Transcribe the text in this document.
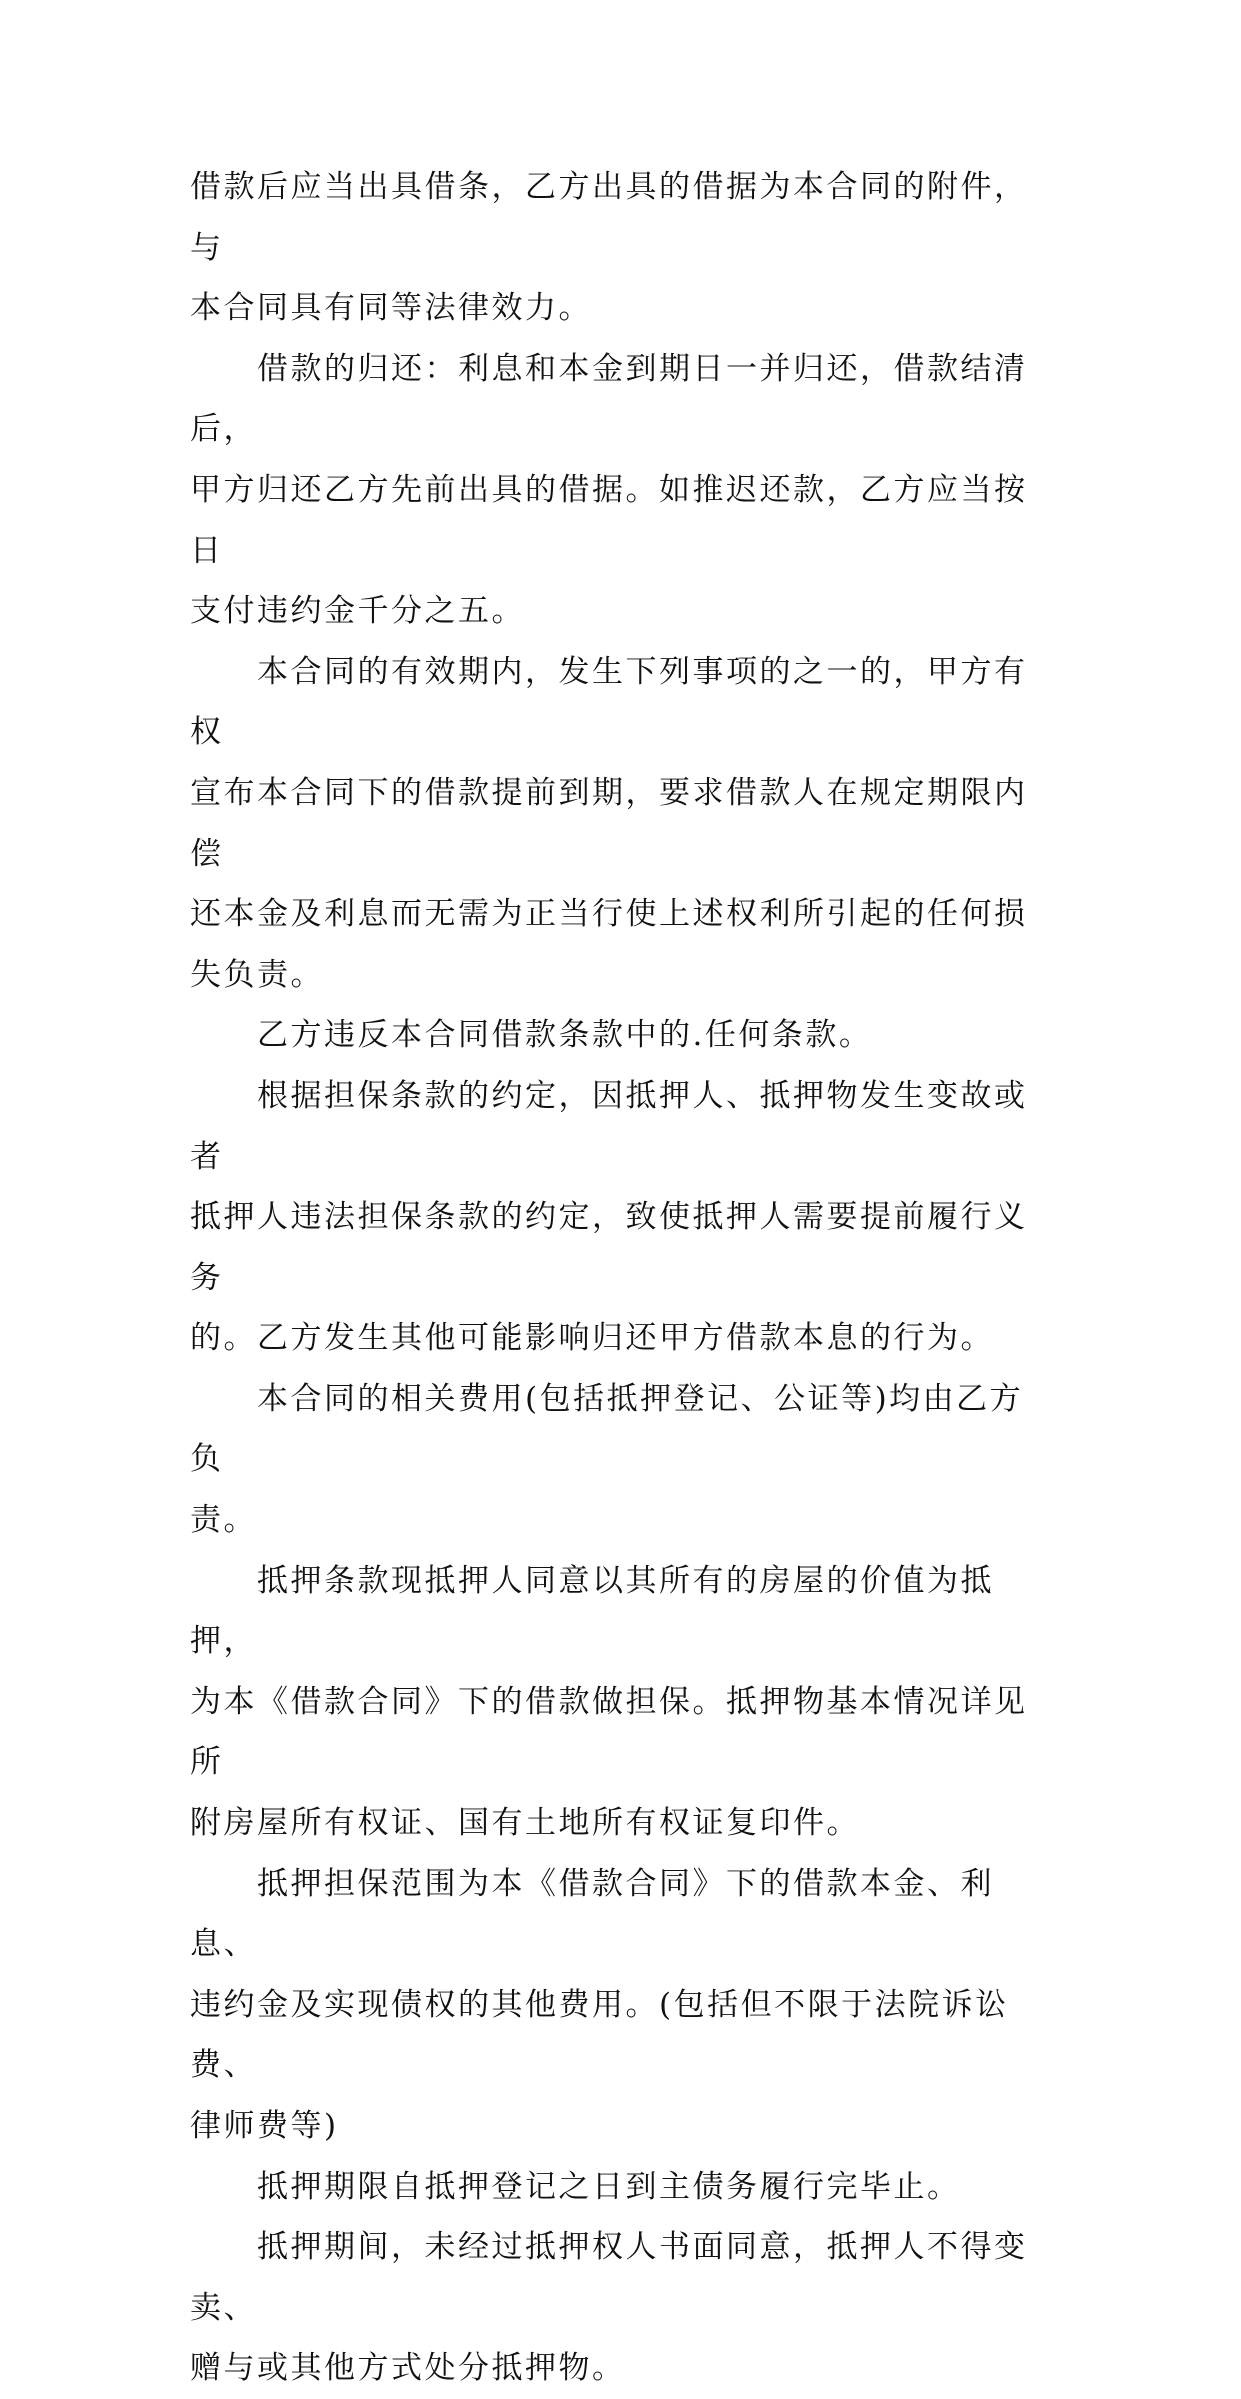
借款后应当出具借条，乙方出具的借据为本合同的附件，与
本合同具有同等法律效力。

　　借款的归还：利息和本金到期日一并归还，借款结清后，
甲方归还乙方先前出具的借据。如推迟还款，乙方应当按日
支付违约金千分之五。

　　本合同的有效期内，发生下列事项的之一的，甲方有权
宣布本合同下的借款提前到期，要求借款人在规定期限内偿
还本金及利息而无需为正当行使上述权利所引起的任何损
失负责。

　　乙方违反本合同借款条款中的.任何条款。

　　根据担保条款的约定，因抵押人、抵押物发生变故或者
抵押人违法担保条款的约定，致使抵押人需要提前履行义务
的。乙方发生其他可能影响归还甲方借款本息的行为。

　　本合同的相关费用(包括抵押登记、公证等)均由乙方负
责。

　　抵押条款现抵押人同意以其所有的房屋的价值为抵押，
为本《借款合同》下的借款做担保。抵押物基本情况详见所
附房屋所有权证、国有土地所有权证复印件。

　　抵押担保范围为本《借款合同》下的借款本金、利息、
违约金及实现债权的其他费用。(包括但不限于法院诉讼费、
律师费等)

　　抵押期限自抵押登记之日到主债务履行完毕止。

　　抵押期间，未经过抵押权人书面同意，抵押人不得变卖、
赠与或其他方式处分抵押物。
